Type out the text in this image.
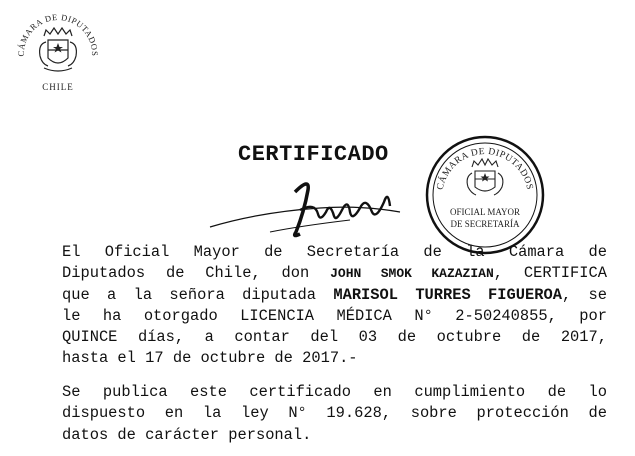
CÁMARA DE DIPUTADOS
CHILE
CERTIFICADO
CÁMARA DE DIPUTADOS
OFICIAL MAYOR
DE SECRETARÍA

El Oficial Mayor de Secretaría de la Cámara de
Diputados de Chile, don JOHN SMOK KAZAZIAN, CERTIFICA
que a la señora diputada MARISOL TURRES FIGUEROA, se
le ha otorgado LICENCIA MÉDICA N° 2-50240855, por
QUINCE días, a contar del 03 de octubre de 2017,
hasta el 17 de octubre de 2017.-

Se publica este certificado en cumplimiento de lo
dispuesto en la ley N° 19.628, sobre protección de
datos de carácter personal.
